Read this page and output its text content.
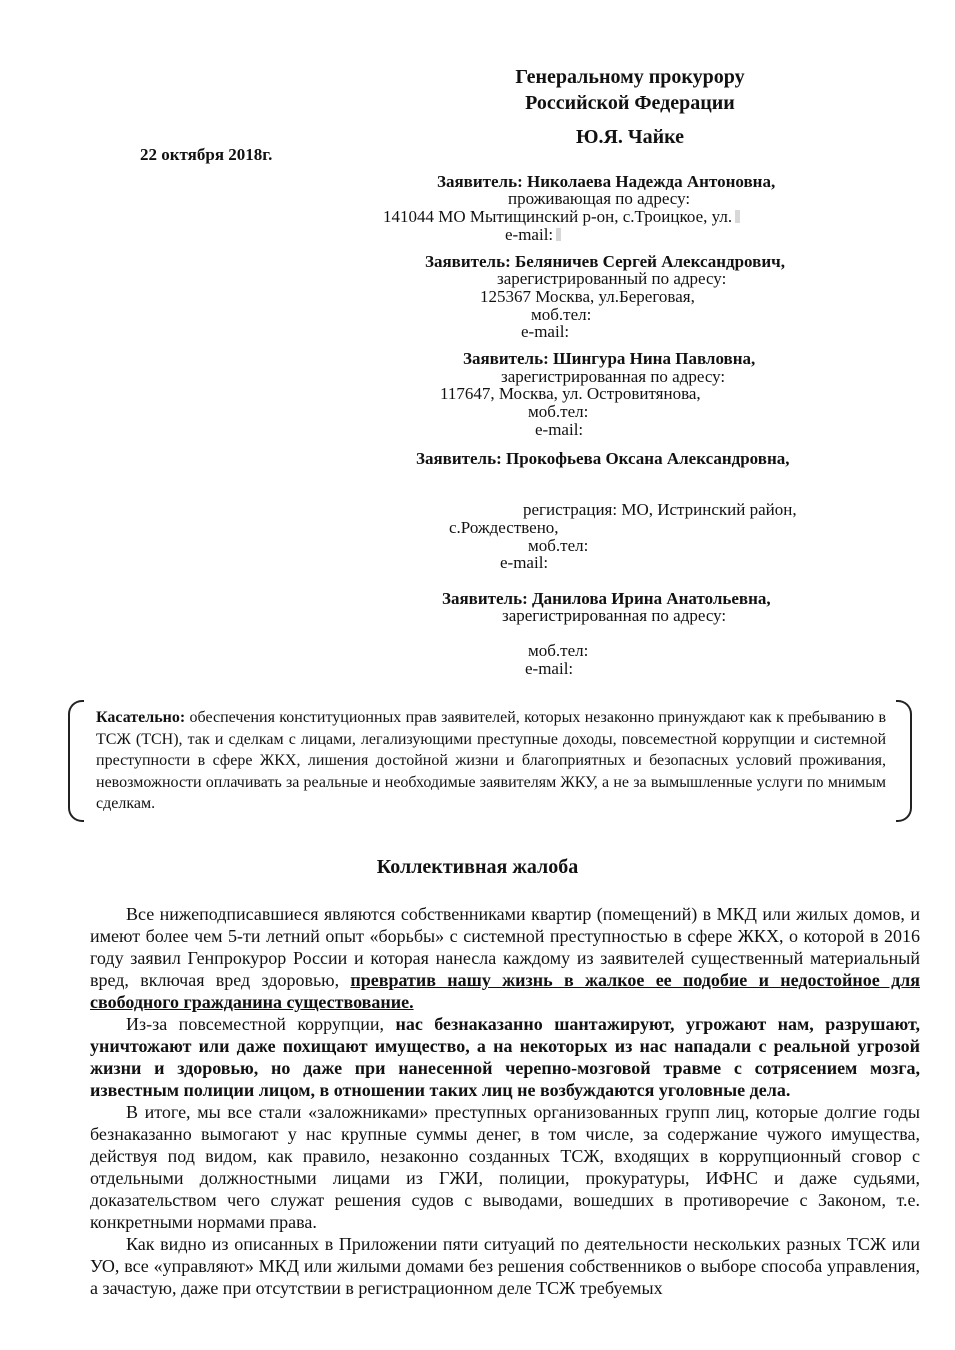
Генеральному прокурору
Российской Федерации
Ю.Я. Чайке
22 октября 2018г.
Заявитель: Николаева Надежда Антоновна,
проживающая по адресу:
141044 МО Мытищинский р-он, с.Троицкое, ул.
e-mail:
Заявитель: Беляничев Сергей Александрович,
зарегистрированный по адресу:
125367 Москва, ул.Береговая,
моб.тел:
e-mail:
Заявитель: Шингура Нина Павловна,
зарегистрированная по адресу:
117647, Москва, ул. Островитянова,
моб.тел:
e-mail:
Заявитель: Прокофьева Оксана Александровна,
регистрация: МО, Истринский район,
с.Рождествено,
моб.тел:
e-mail:
Заявитель: Данилова Ирина Анатольевна,
зарегистрированная по адресу:
моб.тел:
e-mail:
Касательно: обеспечения конституционных прав заявителей, которых незаконно принуждают как к пребыванию в ТСЖ (ТСН), так и сделкам с лицами, легализующими преступные доходы, повсеместной коррупции и системной преступности в сфере ЖКХ, лишения достойной жизни и благоприятных и безопасных условий проживания, невозможности оплачивать за реальные и необходимые заявителям ЖКУ, а не за вымышленные услуги по мнимым сделкам.
Коллективная жалоба

Все нижеподписавшиеся являются собственниками квартир (помещений) в МКД или жилых домов, и имеют более чем 5-ти летний опыт «борьбы» с системной преступностью в сфере ЖКХ, о которой в 2016 году заявил Генпрокурор России и которая нанесла каждому из заявителей существенный материальный вред, включая вред здоровью, превратив нашу жизнь в жалкое ее подобие и недостойное для свободного гражданина существование.

Из-за повсеместной коррупции, нас безнаказанно шантажируют, угрожают нам, разрушают, уничтожают или даже похищают имущество, а на некоторых из нас нападали с реальной угрозой жизни и здоровью, но даже при нанесенной черепно-мозговой травме с сотрясением мозга, известным полиции лицом, в отношении таких лиц не возбуждаются уголовные дела.

В итоге, мы все стали «заложниками» преступных организованных групп лиц, которые долгие годы безнаказанно вымогают у нас крупные суммы денег, в том числе, за содержание чужого имущества, действуя под видом, как правило, незаконно созданных ТСЖ, входящих в коррупционный сговор с отдельными должностными лицами из ГЖИ, полиции, прокуратуры, ИФНС и даже судьями, доказательством чего служат решения судов с выводами, вошедших в противоречие с Законом, т.е. конкретными нормами права.

Как видно из описанных в Приложении пяти ситуаций по деятельности нескольких разных ТСЖ или УО, все «управляют» МКД или жилыми домами без решения собственников о выборе способа управления, а зачастую, даже при отсутствии в регистрационном деле ТСЖ требуемых
